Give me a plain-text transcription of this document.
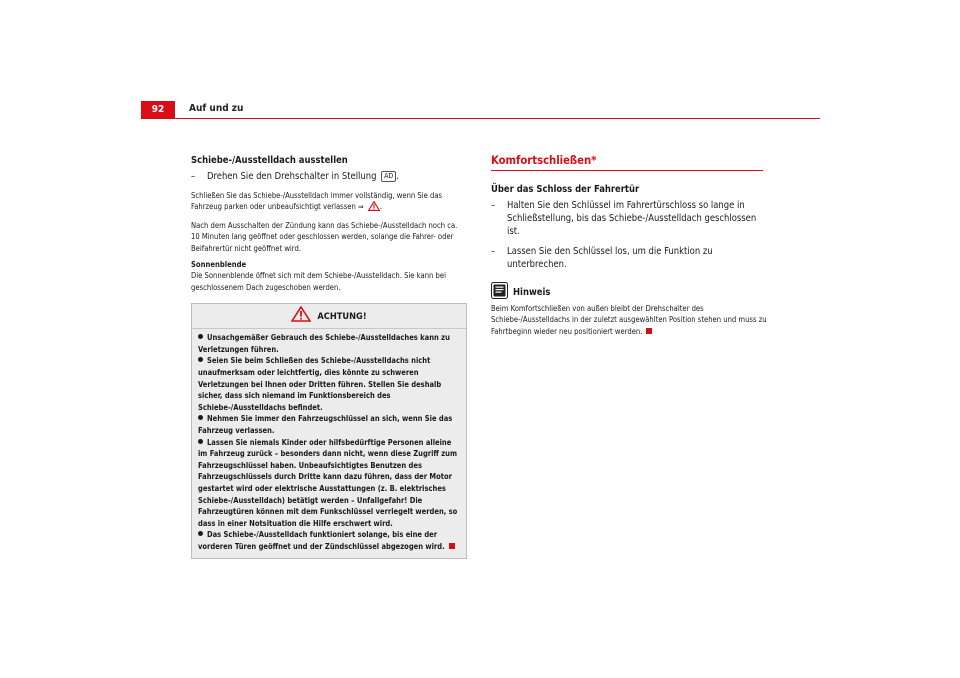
92	Auf und zu

Schiebe-/Ausstelldach ausstellen

– Drehen Sie den Drehschalter in Stellung AD .

Schließen Sie das Schiebe-/Ausstelldach immer vollständig, wenn Sie das Fahrzeug parken oder unbeaufsichtigt verlassen ⇒ .

Nach dem Ausschalten der Zündung kann das Schiebe-/Ausstelldach noch ca. 10 Minuten lang geöffnet oder geschlossen werden, solange die Fahrer- oder Beifahrertür nicht geöffnet wird.

Sonnenblende

Die Sonnenblende öffnet sich mit dem Schiebe-/Ausstelldach. Sie kann bei geschlossenem Dach zugeschoben werden.

ACHTUNG!

Unsachgemäßer Gebrauch des Schiebe-/Ausstelldaches kann zu Verletzungen führen.

Seien Sie beim Schließen des Schiebe-/Ausstelldachs nicht unaufmerksam oder leichtfertig, dies könnte zu schweren Verletzungen bei Ihnen oder Dritten führen. Stellen Sie deshalb sicher, dass sich niemand im Funktionsbereich des Schiebe-/Ausstelldachs befindet.

Nehmen Sie immer den Fahrzeugschlüssel an sich, wenn Sie das Fahrzeug verlassen.

Lassen Sie niemals Kinder oder hilfsbedürftige Personen alleine im Fahrzeug zurück – besonders dann nicht, wenn diese Zugriff zum Fahrzeugschlüssel haben. Unbeaufsichtigtes Benutzen des Fahrzeugschlüssels durch Dritte kann dazu führen, dass der Motor gestartet wird oder elektrische Ausstattungen (z. B. elektrisches Schiebe-/Ausstelldach) betätigt werden – Unfallgefahr! Die Fahrzeugtüren können mit dem Funkschlüssel verriegelt werden, so dass in einer Notsituation die Hilfe erschwert wird.

Das Schiebe-/Ausstelldach funktioniert solange, bis eine der vorderen Türen geöffnet und der Zündschlüssel abgezogen wird.

Komfortschließen*

Über das Schloss der Fahrertür

– Halten Sie den Schlüssel im Fahrertürschloss so lange in Schließstellung, bis das Schiebe-/Ausstelldach geschlossen ist.
– Lassen Sie den Schlüssel los, um die Funktion zu unterbrechen.
Hinweis

Beim Komfortschließen von außen bleibt der Drehschalter des Schiebe-/Ausstelldachs in der zuletzt ausgewählten Position stehen und muss zu Fahrtbeginn wieder neu positioniert werden.
